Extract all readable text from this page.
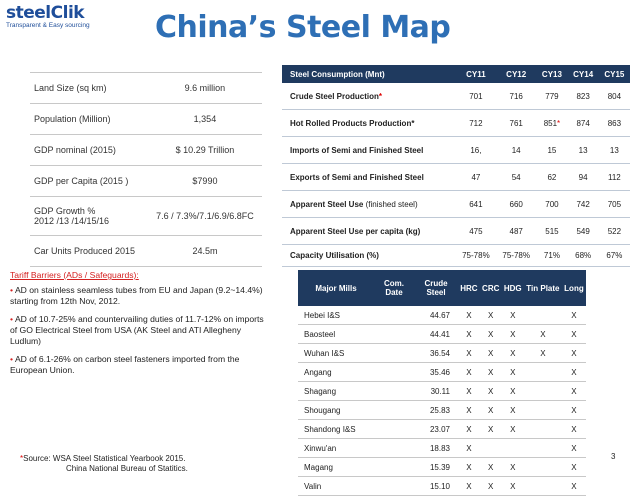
steelClik
Transparent & Easy sourcing	China’s Steel Map
Land Size (sq km)	9.6 million
Population (Million)	1,354
GDP nominal (2015)	$ 10.29 Trillion
GDP per Capita (2015 )	$7990
GDP Growth %
2012 /13 /14/15/16	7.6 / 7.3%/7.1/6.9/6.8FC
Car Units Produced 2015	24.5m
Steel Consumption (Mnt)	CY11	CY12	CY13	CY14	CY15
Crude Steel Production*	701	716	779	823	804
Hot Rolled Products Production*	712	761	851*	874	863
Imports of Semi and Finished Steel	16,	14	15	13	13
Exports of Semi and Finished Steel	47	54	62	94	112
Apparent Steel Use (finished steel)	641	660	700	742	705
Apparent Steel Use per capita (kg)	475	487	515	549	522
Capacity Utilisation (%)	75-78%	75-78%	71%	68%	67%
Tariff Barriers (ADs / Safeguards):
• AD on stainless seamless tubes from EU and Japan (9.2~14.4%) starting from 12th Nov, 2012.
• AD of 10.7-25% and countervailing duties of 11.7-12% on imports of GO Electrical Steel from USA (AK Steel and ATI Allegheny Ludlum)
• AD of 6.1-26% on carbon steel fasteners imported from the European Union.
*Source: WSA Steel Statistical Yearbook 2015.
China National Bureau of Statitics.
3
Major Mills	Com. Date	Crude Steel	HRC	CRC	HDG	Tin Plate	Long
Hebei I&S		44.67	X	X	X		X
Baosteel		44.41	X	X	X	X	X
Wuhan I&S		36.54	X	X	X	X	X
Angang		35.46	X	X	X		X
Shagang		30.11	X	X	X		X
Shougang		25.83	X	X	X		X
Shandong I&S		23.07	X	X	X		X
Xinwu'an		18.83	X				X
Magang		15.39	X	X	X		X
Valin		15.10	X	X	X		X
